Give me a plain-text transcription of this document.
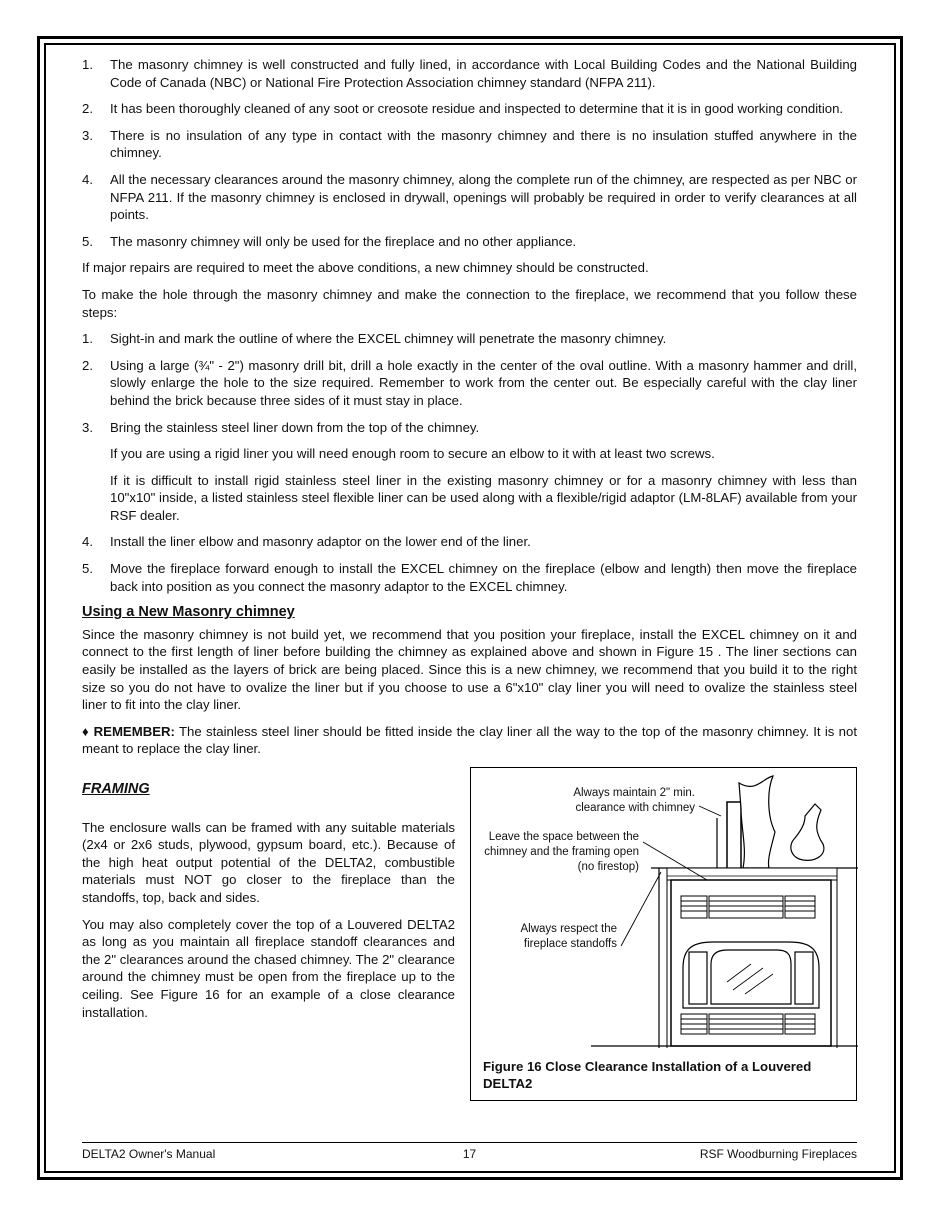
1.	The masonry chimney is well constructed and fully lined, in accordance with Local Building Codes and the National Building Code of Canada (NBC) or National Fire Protection Association chimney standard (NFPA 211).
2.	It has been thoroughly cleaned of any soot or creosote residue and inspected to determine that it is in good working condition.
3.	There is no insulation of any type in contact with the masonry chimney and there is no insulation stuffed anywhere in the chimney.
4.	All the necessary clearances around the masonry chimney, along the complete run of the chimney, are respected as per NBC or NFPA 211. If the masonry chimney is enclosed in drywall, openings will probably be required in order to verify clearances at all points.
5.	The masonry chimney will only be used for the fireplace and no other appliance.
If major repairs are required to meet the above conditions, a new chimney should be constructed.
To make the hole through the masonry chimney and make the connection to the fireplace, we recommend that you follow these steps:
1.	Sight-in and mark the outline of where the EXCEL chimney will penetrate the masonry chimney.
2.	Using a large (¾" - 2") masonry drill bit, drill a hole exactly in the center of the oval outline. With a masonry hammer and drill, slowly enlarge the hole to the size required. Remember to work from the center out. Be especially careful with the clay liner behind the brick because three sides of it must stay in place.
3.	Bring the stainless steel liner down from the top of the chimney.
If you are using a rigid liner you will need enough room to secure an elbow to it with at least two screws.
If it is difficult to install rigid stainless steel liner in the existing masonry chimney or for a masonry chimney with less than 10"x10" inside, a listed stainless steel flexible liner can be used along with a flexible/rigid adaptor (LM-8LAF) available from your RSF dealer.
4.	Install the liner elbow and masonry adaptor on the lower end of the liner.
5.	Move the fireplace forward enough to install the EXCEL chimney on the fireplace (elbow and length) then move the fireplace back into position as you connect the masonry adaptor to the EXCEL chimney.
Using a New Masonry chimney
Since the masonry chimney is not build yet, we recommend that you position your fireplace, install the EXCEL chimney on it and connect to the first length of liner before building the chimney as explained above and shown in Figure 15 . The liner sections can easily be installed as the layers of brick are being placed. Since this is a new chimney, we recommend that you build it to the right size so you do not have to ovalize the liner but if you choose to use a 6"x10" clay liner you will need to ovalize the stainless steel liner to fit into the clay liner.
♦ REMEMBER: The stainless steel liner should be fitted inside the clay liner all the way to the top of the masonry chimney. It is not meant to replace the clay liner.
FRAMING
The enclosure walls can be framed with any suitable materials (2x4 or 2x6 studs, plywood, gypsum board, etc.). Because of the high heat output potential of the DELTA2, combustible materials must NOT go closer to the fireplace than the standoffs, top, back and sides.
You may also completely cover the top of a Louvered DELTA2 as long as you maintain all fireplace standoff clearances and the 2" clearances around the chased chimney. The 2" clearance around the chimney must be open from the fireplace up to the ceiling. See Figure 16 for an example of a close clearance installation.
Always maintain 2" min. clearance with chimney
Leave the space between the chimney and the framing open (no firestop)
Always respect the fireplace standoffs
Figure 16 Close Clearance Installation of a Louvered DELTA2
DELTA2 Owner's Manual	17	RSF Woodburning Fireplaces
